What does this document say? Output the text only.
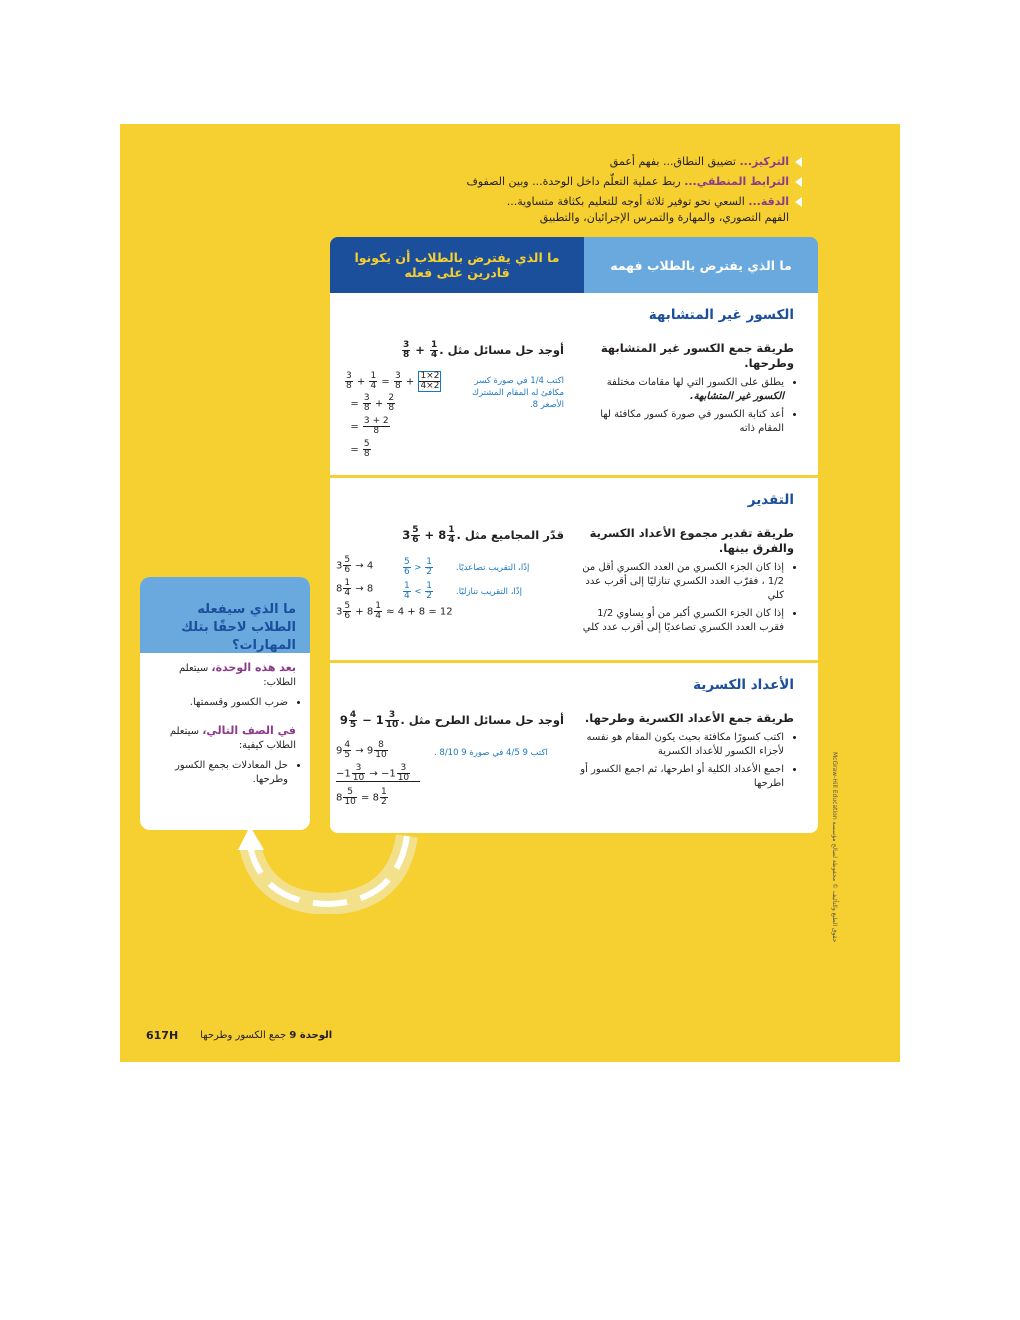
التركيز... تضييق النطاق... بفهم أعمق
الترابط المنطقي... ربط عملية التعلّم داخل الوحدة... وبين الصفوف
الدقة... السعي نحو توفير ثلاثة أوجه للتعليم بكثافة متساوية...
الفهم التصوري، والمهارة والتمرس الإجرائيان، والتطبيق
ما الذي يفترض بالطلاب أن يكونوا قادرين على فعله	ما الذي يفترض بالطلاب فهمه
الكسور غير المتشابهة
طريقة جمع الكسور غير المتشابهة وطرحها.
• يطلق على الكسور التي لها مقامات مختلفة الكسور غير المتشابهة.
• أعد كتابة الكسور في صورة كسور مكافئة لها المقام ذاته
أوجد حل مسائل مثل
$\frac{3}{8} + \frac{1}{4}$ .
$\frac{3}{8} + \frac{1}{4} = \frac{3}{8} + \frac{1\times 2}{4\times 2}$
= $\frac{3}{8} + \frac{2}{8}$
= $\frac{3 + 2}{8}$
= $\frac{5}{8}$
اكتب 1/4 في صورة كسر مكافئ له المقام المشترك الأصغر 8.
التقدير
طريقة تقدير مجموع الأعداد الكسرية والفرق بينها.
• إذا كان الجزء الكسري من العدد الكسري أقل من 1/2 ، فقرّب العدد الكسري تنازليًا إلى أقرب عدد كلي
• إذا كان الجزء الكسري أكبر من أو يساوي 1/2 فقرب العدد الكسري تصاعديًا إلى أقرب عدد كلي
قدّر المجاميع مثل $3 \frac{5}{6} + 8 \frac{1}{4}$ .
$3 \frac{5}{6} \to 4$
$8 \frac{1}{4} \to 8$
$3 \frac{5}{6} + 8 \frac{1}{4} \approx 4 + 8 = 12$
$\frac{5}{6} > \frac{1}{2}$	إذًا، التقريب تصاعديًا.
$\frac{1}{4} < \frac{1}{2}$	إذًا، التقريب تنازليًا.
الأعداد الكسرية
طريقة جمع الأعداد الكسرية وطرحها.
• اكتب كسورًا مكافئة بحيث يكون المقام هو نفسه لأجزاء الكسور للأعداد الكسرية
• اجمع الأعداد الكلية أو اطرحها، ثم اجمع الكسور أو اطرحها
أوجد حل مسائل الطرح مثل $9 \frac{4}{5} - 1 \frac{3}{10}$ .
$9 \frac{4}{5} \to 9 \frac{8}{10}$
$-1 \frac{3}{10} \to -1 \frac{3}{10}$
$8 \frac{5}{10} = 8 \frac{1}{2}$
اكتب 9 4/5 في صورة 9 8/10 .
ما الذي سيفعله الطلاب لاحقًا بتلك المهارات؟
بعد هذه الوحدة، سيتعلم الطلاب:
• ضرب الكسور وقسمتها.
في الصف التالي، سيتعلم الطلاب كيفية:
• حل المعادلات بجمع الكسور وطرحها.	حقوق الطبع والتأليف © محفوظة لصالح مؤسسة McGraw-Hill Education
617H	الوحدة 9 جمع الكسور وطرحها
